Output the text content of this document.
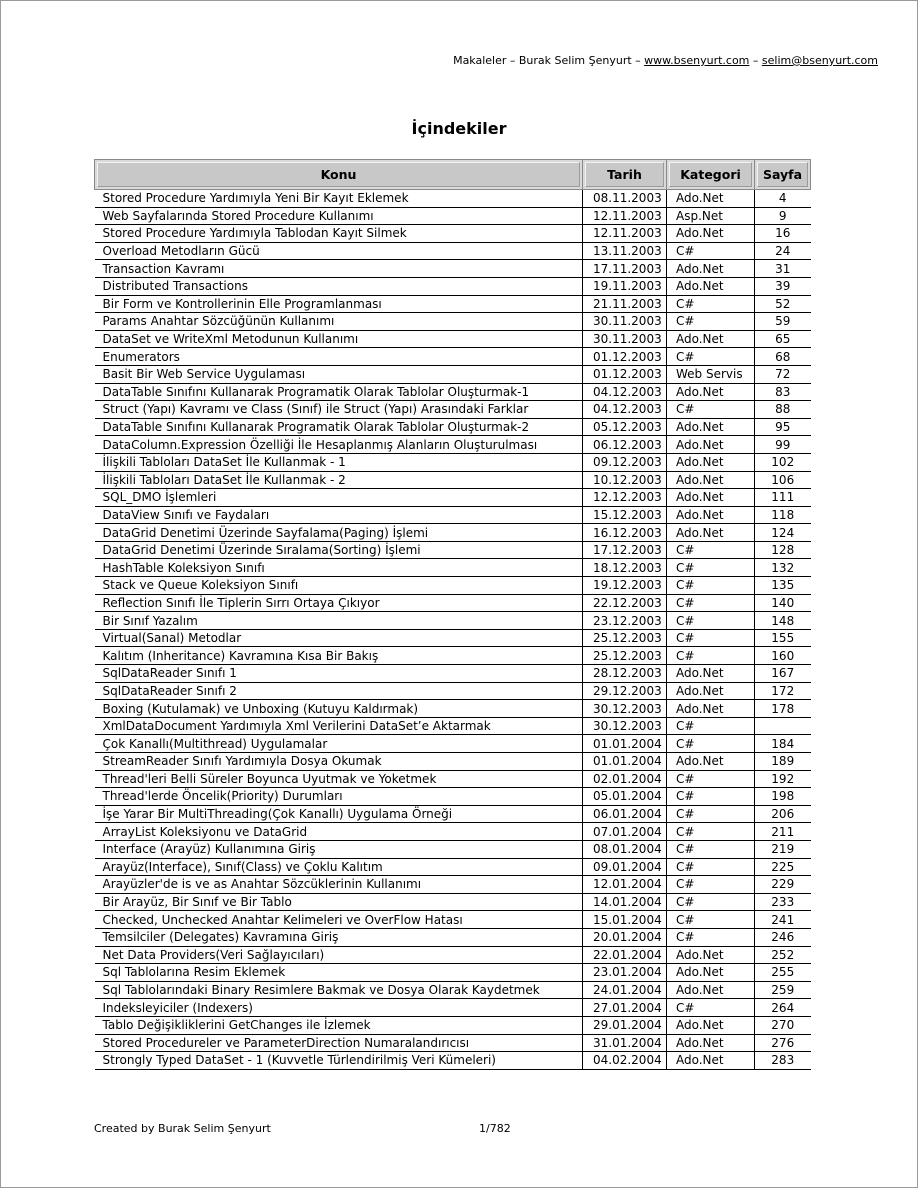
Makaleler – Burak Selim Şenyurt – www.bsenyurt.com – selim@bsenyurt.com
İçindekiler
Konu	Tarih	Kategori	Sayfa

Stored Procedure Yardımıyla Yeni Bir Kayıt Eklemek	08.11.2003	Ado.Net	4
Web Sayfalarında Stored Procedure Kullanımı	12.11.2003	Asp.Net	9
Stored Procedure Yardımıyla Tablodan Kayıt Silmek	12.11.2003	Ado.Net	16
Overload Metodların Gücü	13.11.2003	C#	24
Transaction Kavramı	17.11.2003	Ado.Net	31
Distributed Transactions	19.11.2003	Ado.Net	39
Bir Form ve Kontrollerinin Elle Programlanması	21.11.2003	C#	52
Params Anahtar Sözcüğünün Kullanımı	30.11.2003	C#	59
DataSet ve WriteXml Metodunun Kullanımı	30.11.2003	Ado.Net	65
Enumerators	01.12.2003	C#	68
Basit Bir Web Service Uygulaması	01.12.2003	Web Servis	72
DataTable Sınıfını Kullanarak Programatik Olarak Tablolar Oluşturmak-1	04.12.2003	Ado.Net	83
Struct (Yapı) Kavramı ve Class (Sınıf) ile Struct (Yapı) Arasındaki Farklar	04.12.2003	C#	88
DataTable Sınıfını Kullanarak Programatik Olarak Tablolar Oluşturmak-2	05.12.2003	Ado.Net	95
DataColumn.Expression Özelliği İle Hesaplanmış Alanların Oluşturulması	06.12.2003	Ado.Net	99
İlişkili Tabloları DataSet İle Kullanmak - 1	09.12.2003	Ado.Net	102
İlişkili Tabloları DataSet İle Kullanmak - 2	10.12.2003	Ado.Net	106
SQL_DMO İşlemleri	12.12.2003	Ado.Net	111
DataView Sınıfı ve Faydaları	15.12.2003	Ado.Net	118
DataGrid Denetimi Üzerinde Sayfalama(Paging) İşlemi	16.12.2003	Ado.Net	124
DataGrid Denetimi Üzerinde Sıralama(Sorting) İşlemi	17.12.2003	C#	128
HashTable Koleksiyon Sınıfı	18.12.2003	C#	132
Stack ve Queue Koleksiyon Sınıfı	19.12.2003	C#	135
Reflection Sınıfı İle Tiplerin Sırrı Ortaya Çıkıyor	22.12.2003	C#	140
Bir Sınıf Yazalım	23.12.2003	C#	148
Virtual(Sanal) Metodlar	25.12.2003	C#	155
Kalıtım (Inheritance) Kavramına Kısa Bir Bakış	25.12.2003	C#	160
SqlDataReader Sınıfı 1	28.12.2003	Ado.Net	167
SqlDataReader Sınıfı 2	29.12.2003	Ado.Net	172
Boxing (Kutulamak) ve Unboxing (Kutuyu Kaldırmak)	30.12.2003	Ado.Net	178
XmlDataDocument Yardımıyla Xml Verilerini DataSet’e Aktarmak	30.12.2003	C#	
Çok Kanallı(Multithread) Uygulamalar	01.01.2004	C#	184
StreamReader Sınıfı Yardımıyla Dosya Okumak	01.01.2004	Ado.Net	189
Thread'leri Belli Süreler Boyunca Uyutmak ve Yoketmek	02.01.2004	C#	192
Thread'lerde Öncelik(Priority) Durumları	05.01.2004	C#	198
İşe Yarar Bir MultiThreading(Çok Kanallı) Uygulama Örneği	06.01.2004	C#	206
ArrayList Koleksiyonu ve DataGrid	07.01.2004	C#	211
Interface (Arayüz) Kullanımına Giriş	08.01.2004	C#	219
Arayüz(Interface), Sınıf(Class) ve Çoklu Kalıtım	09.01.2004	C#	225
Arayüzler'de is ve as Anahtar Sözcüklerinin Kullanımı	12.01.2004	C#	229
Bir Arayüz, Bir Sınıf ve Bir Tablo	14.01.2004	C#	233
Checked, Unchecked Anahtar Kelimeleri ve OverFlow Hatası	15.01.2004	C#	241
Temsilciler (Delegates) Kavramına Giriş	20.01.2004	C#	246
Net Data Providers(Veri Sağlayıcıları)	22.01.2004	Ado.Net	252
Sql Tablolarına Resim Eklemek	23.01.2004	Ado.Net	255
Sql Tablolarındaki Binary Resimlere Bakmak ve Dosya Olarak Kaydetmek	24.01.2004	Ado.Net	259
Indeksleyiciler (Indexers)	27.01.2004	C#	264
Tablo Değişikliklerini GetChanges ile İzlemek	29.01.2004	Ado.Net	270
Stored Procedureler ve ParameterDirection Numaralandırıcısı	31.01.2004	Ado.Net	276
Strongly Typed DataSet - 1 (Kuvvetle Türlendirilmiş Veri Kümeleri)	04.02.2004	Ado.Net	283
Created by Burak Selim Şenyurt	1/782
